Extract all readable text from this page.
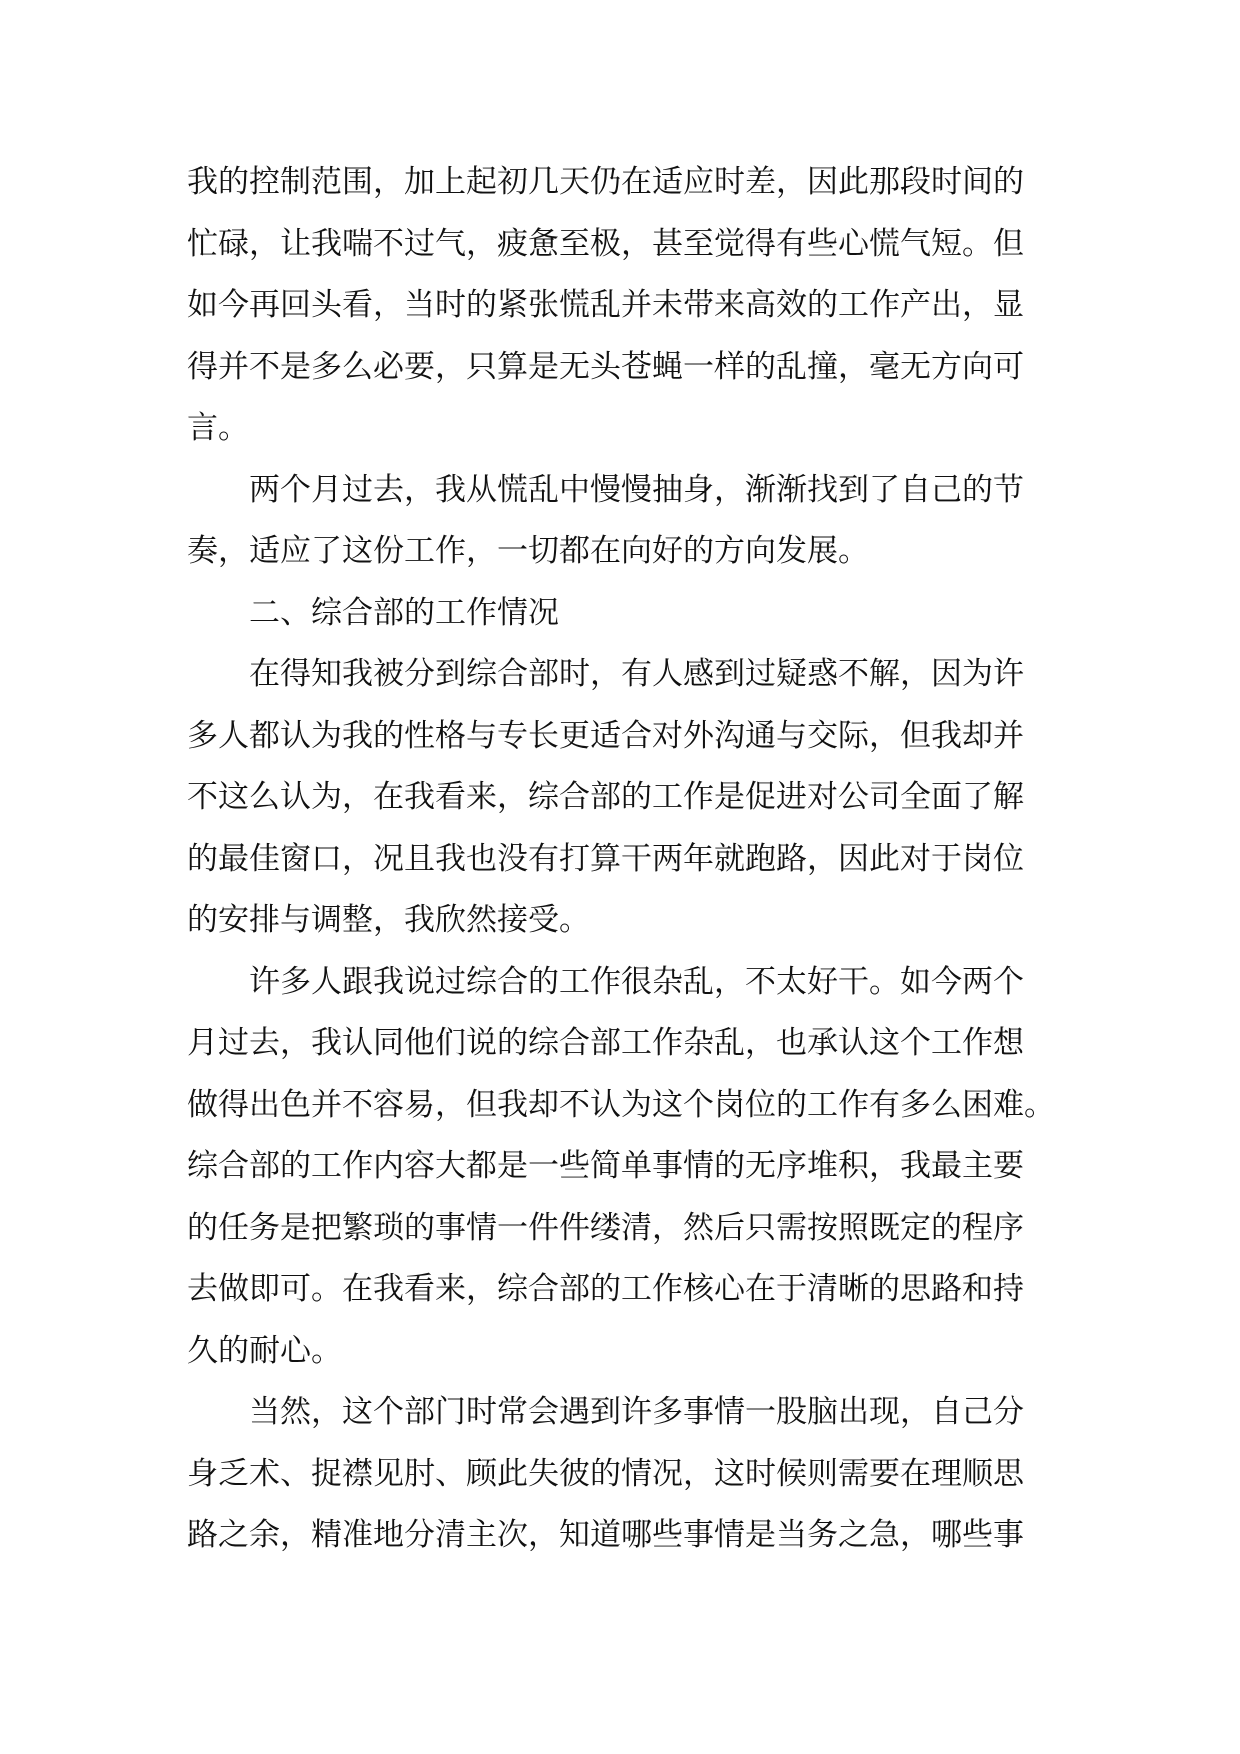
我的控制范围，加上起初几天仍在适应时差，因此那段时间的
忙碌，让我喘不过气，疲惫至极，甚至觉得有些心慌气短。但
如今再回头看，当时的紧张慌乱并未带来高效的工作产出，显
得并不是多么必要，只算是无头苍蝇一样的乱撞，毫无方向可
言。

两个月过去，我从慌乱中慢慢抽身，渐渐找到了自己的节
奏，适应了这份工作，一切都在向好的方向发展。

二、综合部的工作情况

在得知我被分到综合部时，有人感到过疑惑不解，因为许
多人都认为我的性格与专长更适合对外沟通与交际，但我却并
不这么认为，在我看来，综合部的工作是促进对公司全面了解
的最佳窗口，况且我也没有打算干两年就跑路，因此对于岗位
的安排与调整，我欣然接受。

许多人跟我说过综合的工作很杂乱，不太好干。如今两个
月过去，我认同他们说的综合部工作杂乱，也承认这个工作想
做得出色并不容易，但我却不认为这个岗位的工作有多么困难。
综合部的工作内容大都是一些简单事情的无序堆积，我最主要
的任务是把繁琐的事情一件件缕清，然后只需按照既定的程序
去做即可。在我看来，综合部的工作核心在于清晰的思路和持
久的耐心。

当然，这个部门时常会遇到许多事情一股脑出现，自己分
身乏术、捉襟见肘、顾此失彼的情况，这时候则需要在理顺思
路之余，精准地分清主次，知道哪些事情是当务之急，哪些事
